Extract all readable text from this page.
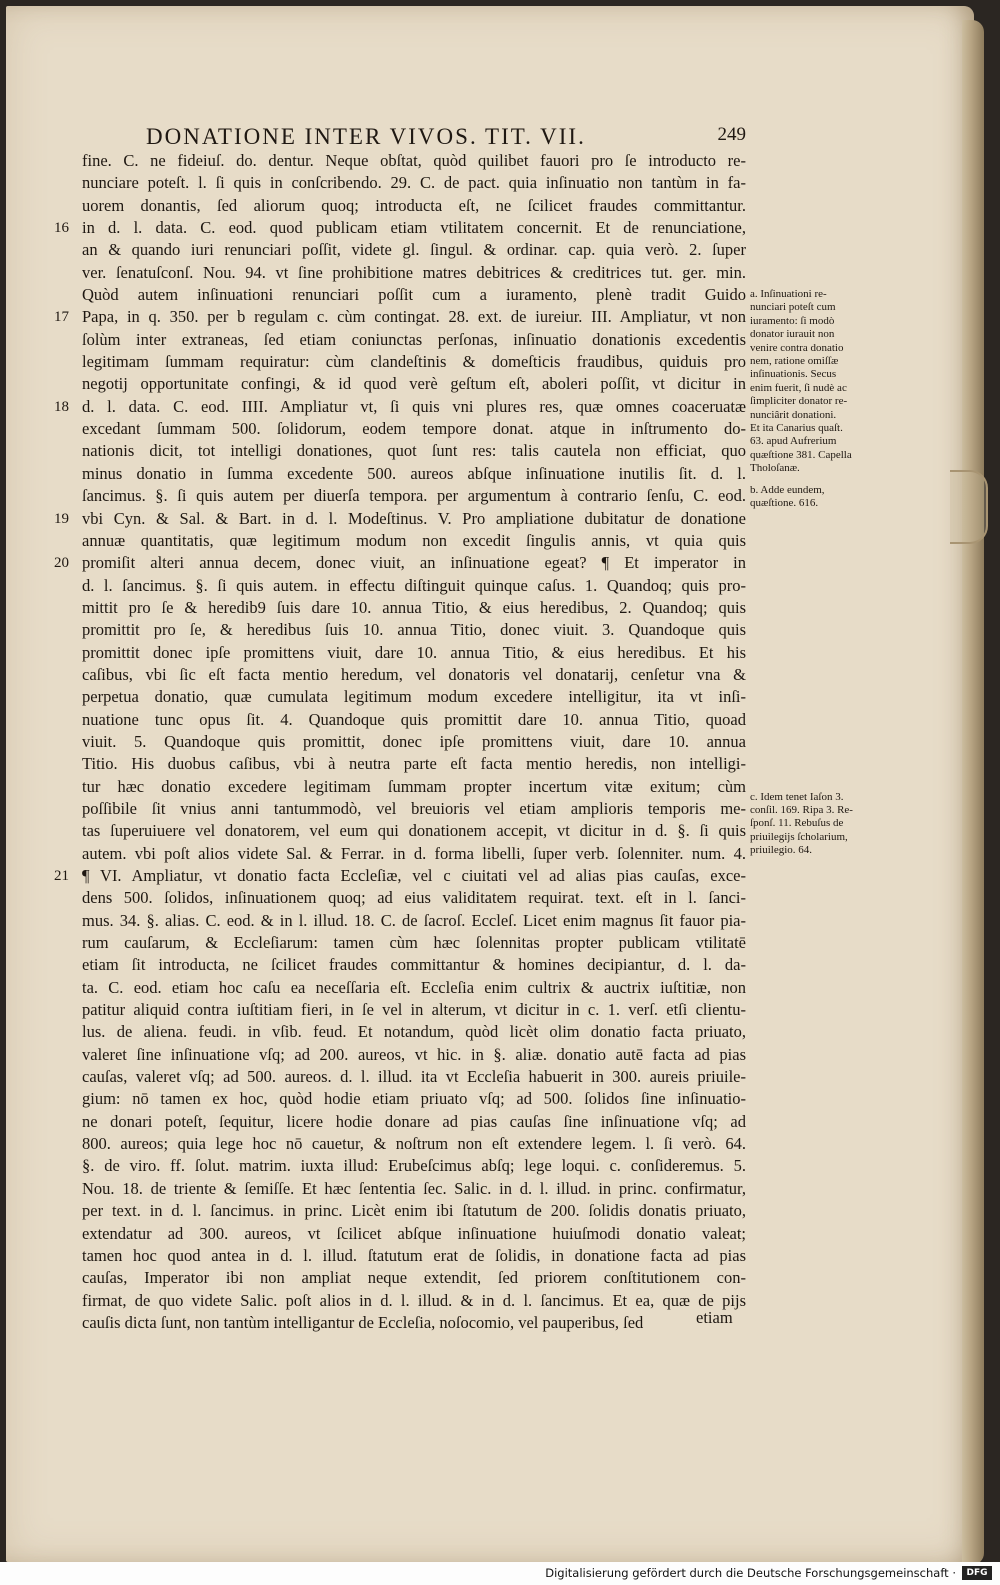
DONATIONE INTER VIVOS. TIT. VII.	249
fine. C. ne fideiuſ. do. dentur. Neque obſtat, quòd quilibet fauori pro ſe introducto re-
nunciare poteſt. l. ſi quis in conſcribendo. 29. C. de pact. quia inſinuatio non tantùm in fa-
uorem donantis, ſed aliorum quoq; introducta eſt, ne ſcilicet fraudes committantur.
16 in d. l. data. C. eod. quod publicam etiam vtilitatem concernit. Et de renunciatione,
an & quando iuri renunciari poſſit, videte gl. ſingul. & ordinar. cap. quia verò. 2. ſuper
ver. ſenatuſconſ. Nou. 94. vt ſine prohibitione matres debitrices & creditrices tut. ger. min.
Quòd autem inſinuationi renunciari poſſit cum a iuramento, plenè tradit Guido
17 Papa, in q. 350. per b regulam c. cùm contingat. 28. ext. de iureiur. III. Ampliatur, vt non
ſolùm inter extraneas, ſed etiam coniunctas perſonas, inſinuatio donationis excedentis
legitimam ſummam requiratur: cùm clandeſtinis & domeſticis fraudibus, quiduis pro
negotij opportunitate confingi, & id quod verè geſtum eſt, aboleri poſſit, vt dicitur in
18 d. l. data. C. eod. IIII. Ampliatur vt, ſi quis vni plures res, quæ omnes coaceruatæ
excedant ſummam 500. ſolidorum, eodem tempore donat. atque in inſtrumento do-
nationis dicit, tot intelligi donationes, quot ſunt res: talis cautela non efficiat, quo
minus donatio in ſumma excedente 500. aureos abſque inſinuatione inutilis ſit. d. l.
ſancimus. §. ſi quis autem per diuerſa tempora. per argumentum à contrario ſenſu, C. eod.
19 vbi Cyn. & Sal. & Bart. in d. l. Modeſtinus. V. Pro ampliatione dubitatur de donatione
annuæ quantitatis, quæ legitimum modum non excedit ſingulis annis, vt quia quis
20 promiſit alteri annua decem, donec viuit, an inſinuatione egeat? ¶ Et imperator in
d. l. ſancimus. §. ſi quis autem. in effectu diſtinguit quinque caſus. 1. Quandoq; quis pro-
mittit pro ſe & heredib9 ſuis dare 10. annua Titio, & eius heredibus, 2. Quandoq; quis
promittit pro ſe, & heredibus ſuis 10. annua Titio, donec viuit. 3. Quandoque quis
promittit donec ipſe promittens viuit, dare 10. annua Titio, & eius heredibus. Et his
caſibus, vbi ſic eſt facta mentio heredum, vel donatoris vel donatarij, cenſetur vna &
perpetua donatio, quæ cumulata legitimum modum excedere intelligitur, ita vt inſi-
nuatione tunc opus ſit. 4. Quandoque quis promittit dare 10. annua Titio, quoad
viuit. 5. Quandoque quis promittit, donec ipſe promittens viuit, dare 10. annua
Titio. His duobus caſibus, vbi à neutra parte eſt facta mentio heredis, non intelligi-
tur hæc donatio excedere legitimam ſummam propter incertum vitæ exitum; cùm
poſſibile ſit vnius anni tantummodò, vel breuioris vel etiam amplioris temporis me-
tas ſuperuiuere vel donatorem, vel eum qui donationem accepit, vt dicitur in d. §. ſi quis
autem. vbi poſt alios videte Sal. & Ferrar. in d. forma libelli, ſuper verb. ſolenniter. num. 4.
21 ¶ VI. Ampliatur, vt donatio facta Eccleſiæ, vel c ciuitati vel ad alias pias cauſas, exce-
dens 500. ſolidos, inſinuationem quoq; ad eius validitatem requirat. text. eſt in l. ſanci-
mus. 34. §. alias. C. eod. & in l. illud. 18. C. de ſacroſ. Eccleſ. Licet enim magnus ſit fauor pia-
rum cauſarum, & Eccleſiarum: tamen cùm hæc ſolennitas propter publicam vtilitatē
etiam ſit introducta, ne ſcilicet fraudes committantur & homines decipiantur, d. l. da-
ta. C. eod. etiam hoc caſu ea neceſſaria eſt. Eccleſia enim cultrix & auctrix iuſtitiæ, non
patitur aliquid contra iuſtitiam fieri, in ſe vel in alterum, vt dicitur in c. 1. verſ. etſi clientu-
lus. de aliena. feudi. in vſib. feud. Et notandum, quòd licèt olim donatio facta priuato,
valeret ſine inſinuatione vſq; ad 200. aureos, vt hic. in §. aliæ. donatio autē facta ad pias
cauſas, valeret vſq; ad 500. aureos. d. l. illud. ita vt Eccleſia habuerit in 300. aureis priuile-
gium: nō tamen ex hoc, quòd hodie etiam priuato vſq; ad 500. ſolidos ſine inſinuatio-
ne donari poteſt, ſequitur, licere hodie donare ad pias cauſas ſine inſinuatione vſq; ad
800. aureos; quia lege hoc nō cauetur, & noſtrum non eſt extendere legem. l. ſi verò. 64.
§. de viro. ff. ſolut. matrim. iuxta illud: Erubeſcimus abſq; lege loqui. c. conſideremus. 5.
Nou. 18. de triente & ſemiſſe. Et hæc ſententia ſec. Salic. in d. l. illud. in princ. confirmatur,
per text. in d. l. ſancimus. in princ. Licèt enim ibi ſtatutum de 200. ſolidis donatis priuato,
extendatur ad 300. aureos, vt ſcilicet abſque inſinuatione huiuſmodi donatio valeat;
tamen hoc quod antea in d. l. illud. ſtatutum erat de ſolidis, in donatione facta ad pias
cauſas, Imperator ibi non ampliat neque extendit, ſed priorem conſtitutionem con-
firmat, de quo videte Salic. poſt alios in d. l. illud. & in d. l. ſancimus. Et ea, quæ de pijs
cauſis dicta ſunt, non tantùm intelligantur de Eccleſia, noſocomio, vel pauperibus, ſed
a. Inſinuationi re-
nunciari poteſt cum
iuramento: ſi modò
donator iurauit non
venire contra donatio
nem, ratione omiſſæ
inſinuationis. Secus
enim fuerit, ſi nudè ac
ſimpliciter donator re-
nunciârit donationi.
Et ita Canarius quaſt.
63. apud Aufrerium
quæſtione 381. Capella
Tholoſanæ.
b. Adde eundem,
quæſtione. 616.
c. Idem tenet Iaſon 3.
conſil. 169. Ripa 3. Re-
ſponſ. 11. Rebuſus de
priuilegijs ſcholarium,
priuilegio. 64.
etiam
Digitalisierung gefördert durch die Deutsche Forschungsgemeinschaft ·	DFG
